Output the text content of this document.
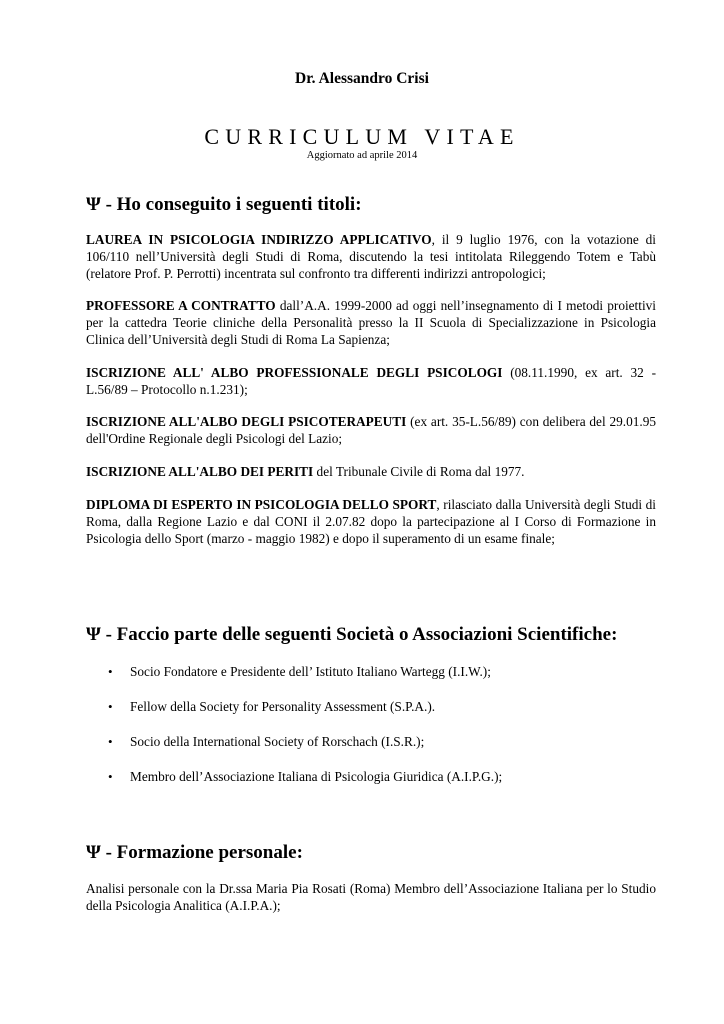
Dr. Alessandro Crisi
CURRICULUM VITAE
Aggiornato ad aprile 2014
Ψ - Ho conseguito i seguenti titoli:
LAUREA IN PSICOLOGIA INDIRIZZO APPLICATIVO, il 9 luglio 1976, con la votazione di 106/110 nell’Università degli Studi di Roma, discutendo la tesi intitolata Rileggendo Totem e Tabù (relatore Prof. P. Perrotti) incentrata sul confronto tra differenti indirizzi antropologici;
PROFESSORE A CONTRATTO dall’A.A. 1999-2000 ad oggi nell’insegnamento di I metodi proiettivi per la cattedra Teorie cliniche della Personalità presso la II Scuola di Specializzazione in Psicologia Clinica dell’Università degli Studi di Roma La Sapienza;
ISCRIZIONE ALL' ALBO PROFESSIONALE DEGLI PSICOLOGI (08.11.1990, ex art. 32 - L.56/89 – Protocollo n.1.231);
ISCRIZIONE ALL'ALBO DEGLI PSICOTERAPEUTI (ex art. 35-L.56/89) con delibera del 29.01.95 dell'Ordine Regionale degli Psicologi del Lazio;
ISCRIZIONE ALL'ALBO DEI PERITI del Tribunale Civile di Roma dal 1977.
DIPLOMA DI ESPERTO IN PSICOLOGIA DELLO SPORT, rilasciato dalla Università degli Studi di Roma, dalla Regione Lazio e dal CONI il 2.07.82 dopo la partecipazione al I Corso di Formazione in Psicologia dello Sport (marzo - maggio 1982) e dopo il superamento di un esame finale;
Ψ - Faccio parte delle seguenti Società o Associazioni Scientifiche:
• Socio Fondatore e Presidente dell’ Istituto Italiano Wartegg (I.I.W.);
• Fellow della Society for Personality Assessment (S.P.A.).
• Socio della International Society of Rorschach (I.S.R.);
• Membro dell’Associazione Italiana di Psicologia Giuridica (A.I.P.G.);
Ψ - Formazione personale:
Analisi personale con la Dr.ssa Maria Pia Rosati (Roma) Membro dell’Associazione Italiana per lo Studio della Psicologia Analitica (A.I.P.A.);
